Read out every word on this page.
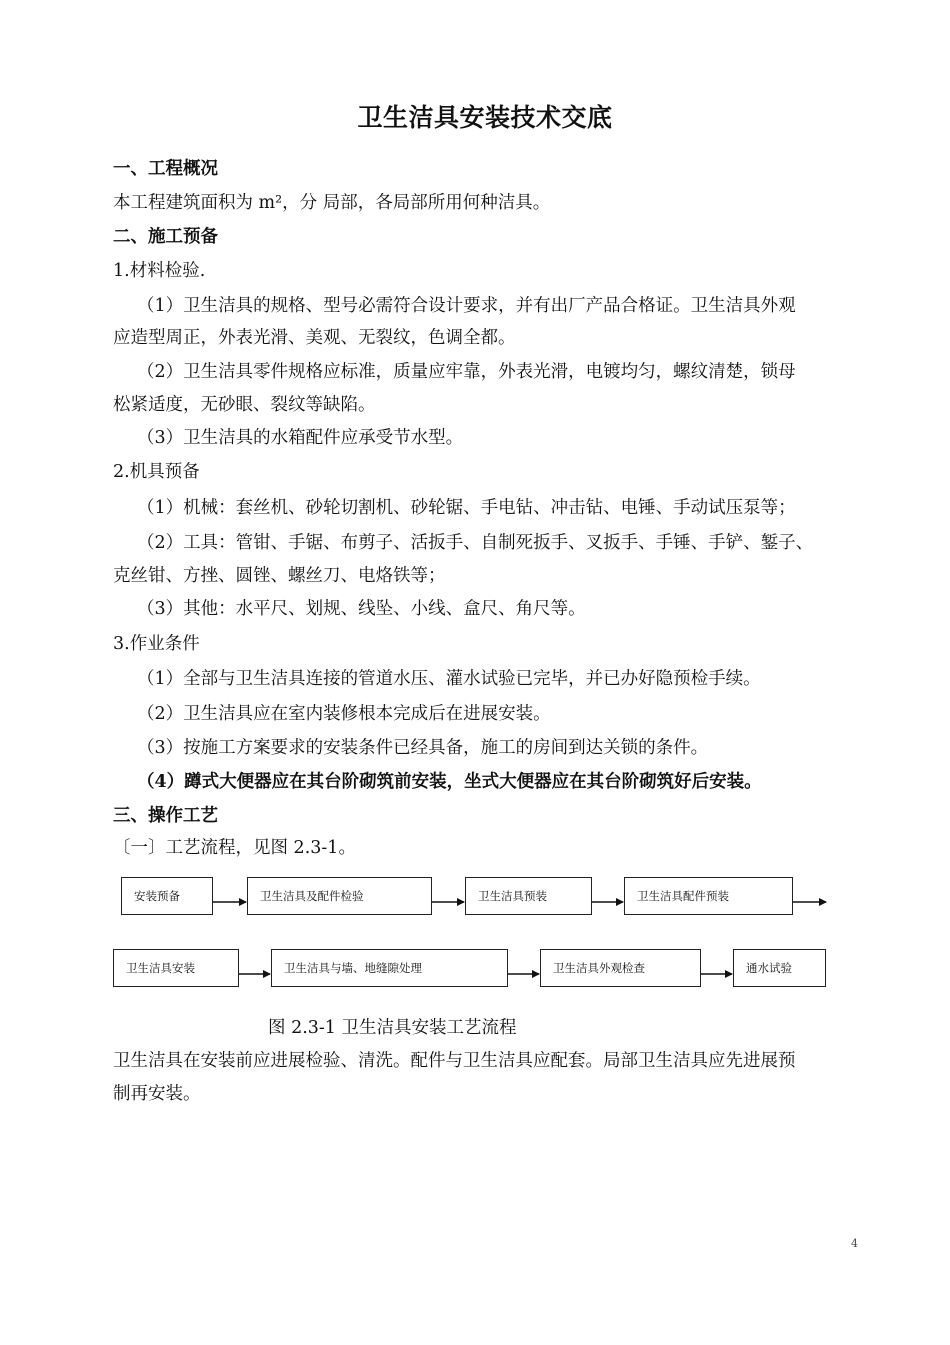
卫生洁具安装技术交底
一、工程概况
本工程建筑面积为 m²，分 局部，各局部所用何种洁具。
二、施工预备
1.材料检验.
（1）卫生洁具的规格、型号必需符合设计要求，并有出厂产品合格证。卫生洁具外观
应造型周正，外表光滑、美观、无裂纹，色调全都。
（2）卫生洁具零件规格应标准，质量应牢靠，外表光滑，电镀均匀，螺纹清楚，锁母
松紧适度，无砂眼、裂纹等缺陷。
（3）卫生洁具的水箱配件应承受节水型。
2.机具预备
（1）机械：套丝机、砂轮切割机、砂轮锯、手电钻、冲击钻、电锤、手动试压泵等；
（2）工具：管钳、手锯、布剪子、活扳手、自制死扳手、叉扳手、手锤、手铲、錾子、
克丝钳、方挫、圆锉、螺丝刀、电烙铁等；
（3）其他：水平尺、划规、线坠、小线、盒尺、角尺等。
3.作业条件
（1）全部与卫生洁具连接的管道水压、灌水试验已完毕，并已办好隐预检手续。
（2）卫生洁具应在室内装修根本完成后在进展安装。
（3）按施工方案要求的安装条件已经具备，施工的房间到达关锁的条件。
（4）蹲式大便器应在其台阶砌筑前安装，坐式大便器应在其台阶砌筑好后安装。
三、操作工艺
〔一〕工艺流程，见图 2.3-1。
安装预备	卫生洁具及配件检验	卫生洁具预装	卫生洁具配件预装
卫生洁具安装	卫生洁具与墙、地缝隙处理	卫生洁具外观检查	通水试验
图 2.3-1 卫生洁具安装工艺流程
卫生洁具在安装前应进展检验、清洗。配件与卫生洁具应配套。局部卫生洁具应先进展预
制再安装。
4
